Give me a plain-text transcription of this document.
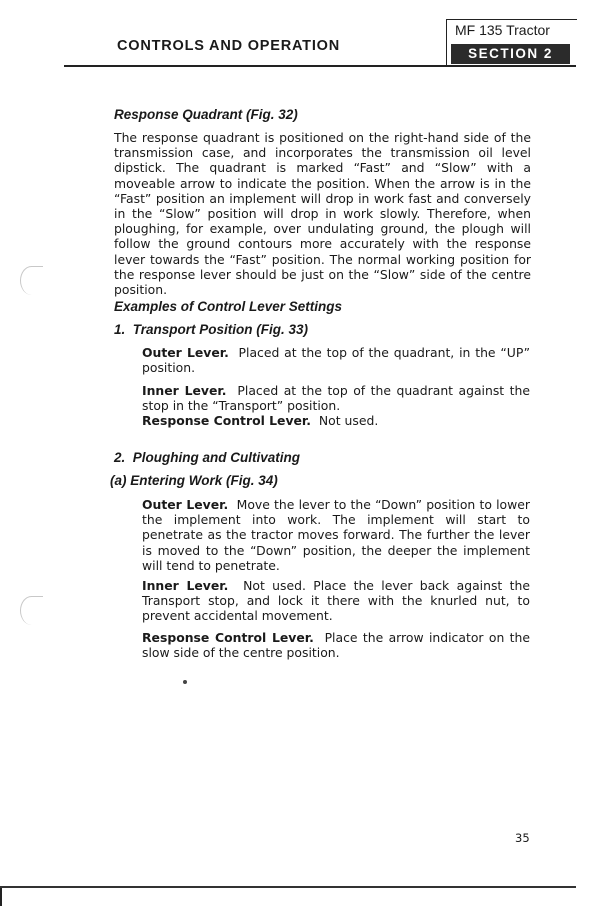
CONTROLS AND OPERATION
MF 135 Tractor
SECTION 2
Response Quadrant (Fig. 32)

The response quadrant is positioned on the right-hand side of the transmission case, and incorporates the transmission oil level dipstick. The quadrant is marked “Fast” and “Slow” with a moveable arrow to indicate the position. When the arrow is in the “Fast” position an implement will drop in work fast and conversely in the “Slow” position will drop in work slowly. Therefore, when ploughing, for example, over undulating ground, the plough will follow the ground contours more accurately with the response lever towards the “Fast” position. The normal working position for the response lever should be just on the “Slow” side of the centre position.

Examples of Control Lever Settings
1.  Transport Position (Fig. 33)

Outer Lever. Placed at the top of the quadrant, in the “UP” position.

Inner Lever. Placed at the top of the quadrant against the stop in the “Transport” position.
Response Control Lever. Not used.

2.  Ploughing and Cultivating
(a) Entering Work (Fig. 34)

Outer Lever. Move the lever to the “Down” position to lower the implement into work. The implement will start to penetrate as the tractor moves forward. The further the lever is moved to the “Down” position, the deeper the implement will tend to penetrate.

Inner Lever. Not used. Place the lever back against the Transport stop, and lock it there with the knurled nut, to prevent accidental movement.

Response Control Lever. Place the arrow indicator on the slow side of the centre position.

35
